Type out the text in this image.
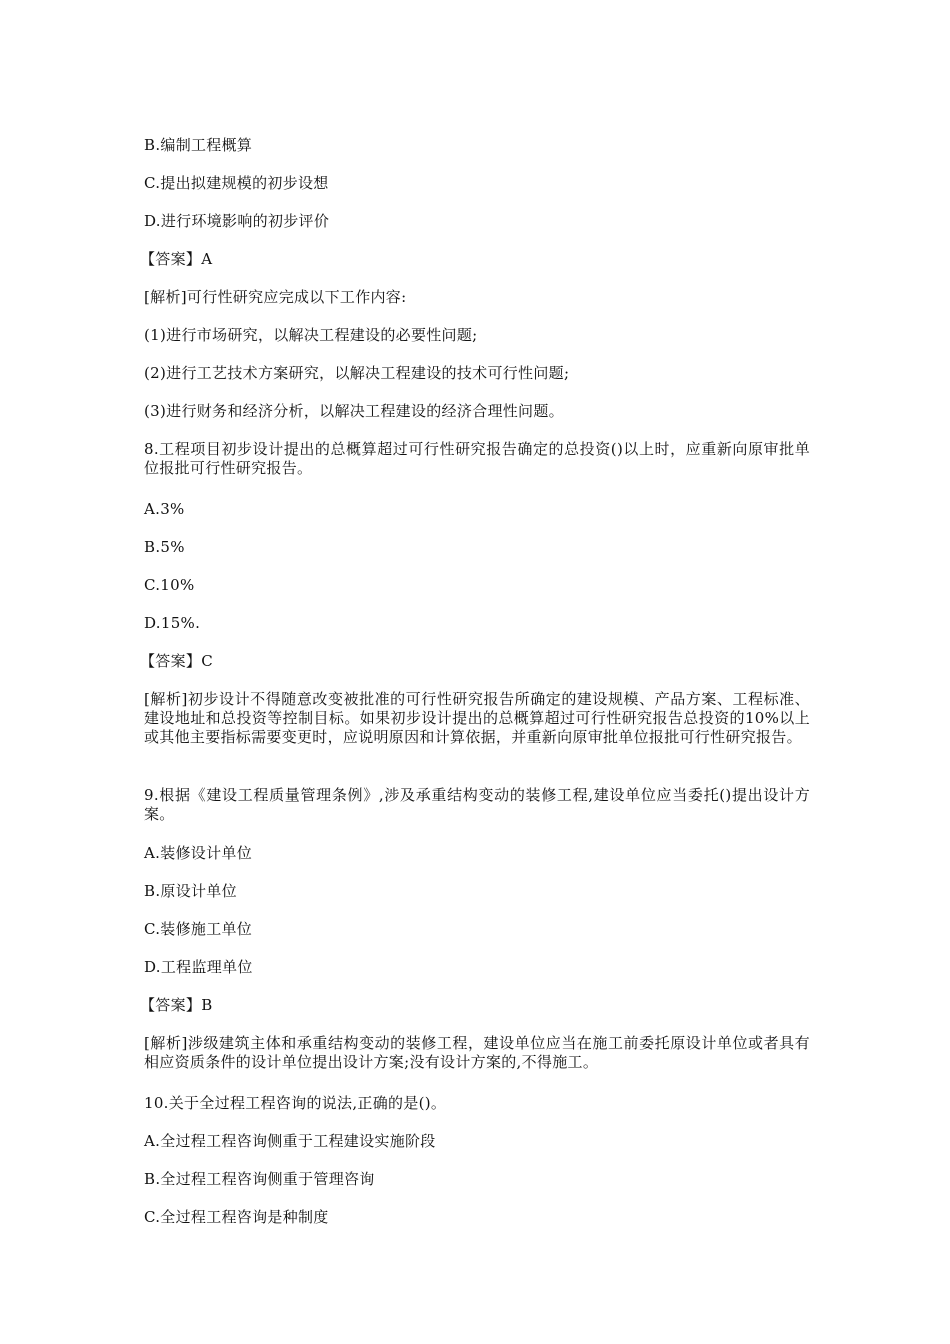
B.编制工程概算
C.提出拟建规模的初步设想
D.进行环境影响的初步评价
【答案】A
[解析]可行性研究应完成以下工作内容:
(1)进行市场研究，以解决工程建设的必要性问题;
(2)进行工艺技术方案研究，以解决工程建设的技术可行性问题;
(3)进行财务和经济分析，以解决工程建设的经济合理性问题。
8.工程项目初步设计提出的总概算超过可行性研究报告确定的总投资()以上时，应重新向原审批单位报批可行性研究报告。
A.3%
B.5%
C.10%
D.15%.
【答案】C
[解析]初步设计不得随意改变被批准的可行性研究报告所确定的建设规模、产品方案、工程标准、建设地址和总投资等控制目标。如果初步设计提出的总概算超过可行性研究报告总投资的10%以上或其他主要指标需要变更时，应说明原因和计算依据，并重新向原审批单位报批可行性研究报告。
9.根据《建设工程质量管理条例》,涉及承重结构变动的装修工程,建设单位应当委托()提出设计方案。
A.装修设计单位
B.原设计单位
C.装修施工单位
D.工程监理单位
【答案】B
[解析]涉级建筑主体和承重结构变动的装修工程，建设单位应当在施工前委托原设计单位或者具有相应资质条件的设计单位提出设计方案;没有设计方案的,不得施工。
10.关于全过程工程咨询的说法,正确的是()。
A.全过程工程咨询侧重于工程建设实施阶段
B.全过程工程咨询侧重于管理咨询
C.全过程工程咨询是种制度
